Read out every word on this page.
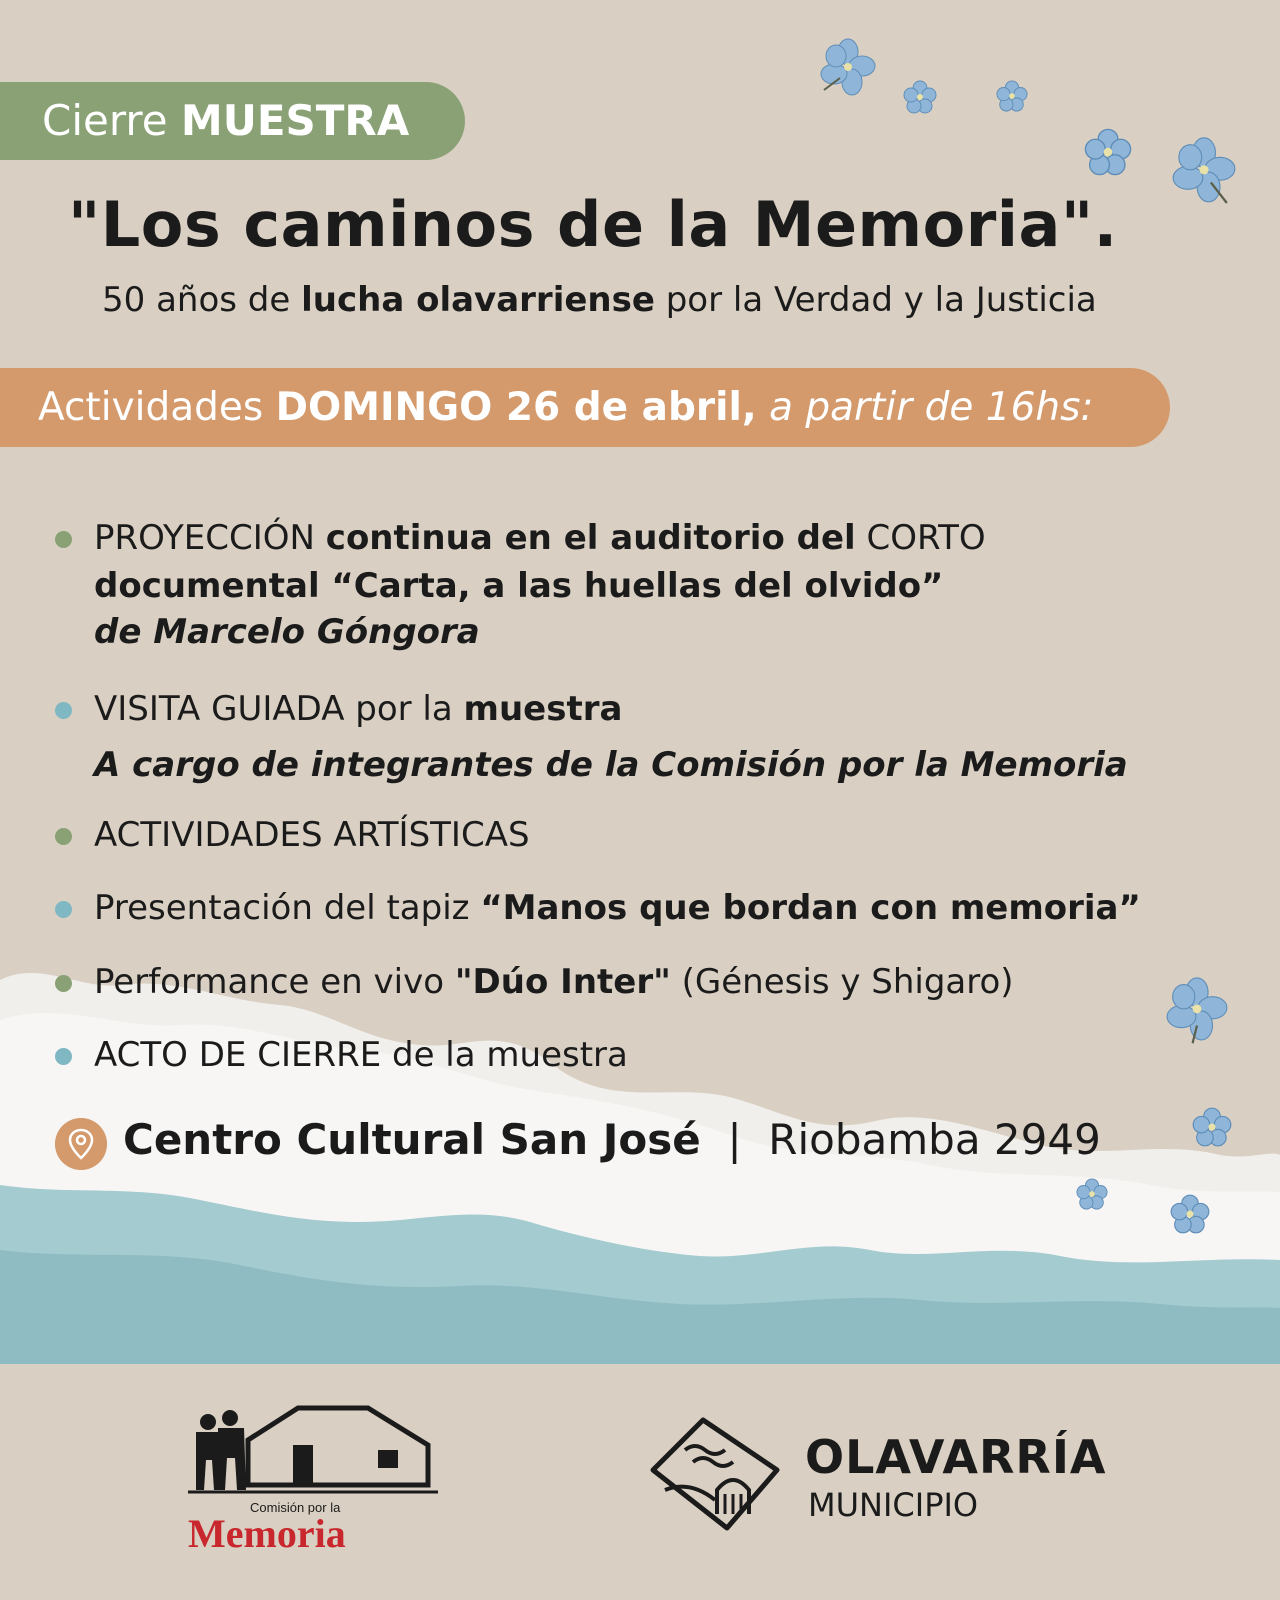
Cierre MUESTRA
"Los caminos de la Memoria".
50 años de lucha olavarriense por la Verdad y la Justicia
Actividades DOMINGO 26 de abril, a partir de 16hs:
PROYECCIÓN continua en el auditorio del CORTO
documental “Carta, a las huellas del olvido”
de Marcelo Góngora
VISITA GUIADA por la muestra
A cargo de integrantes de la Comisión por la Memoria
ACTIVIDADES ARTÍSTICAS
Presentación del tapiz “Manos que bordan con memoria”
Performance en vivo "Dúo Inter" (Génesis y Shigaro)
ACTO DE CIERRE de la muestra
Centro Cultural San José | Riobamba 2949
Comisión por la
Memoria
OLAVARRÍA
MUNICIPIO
